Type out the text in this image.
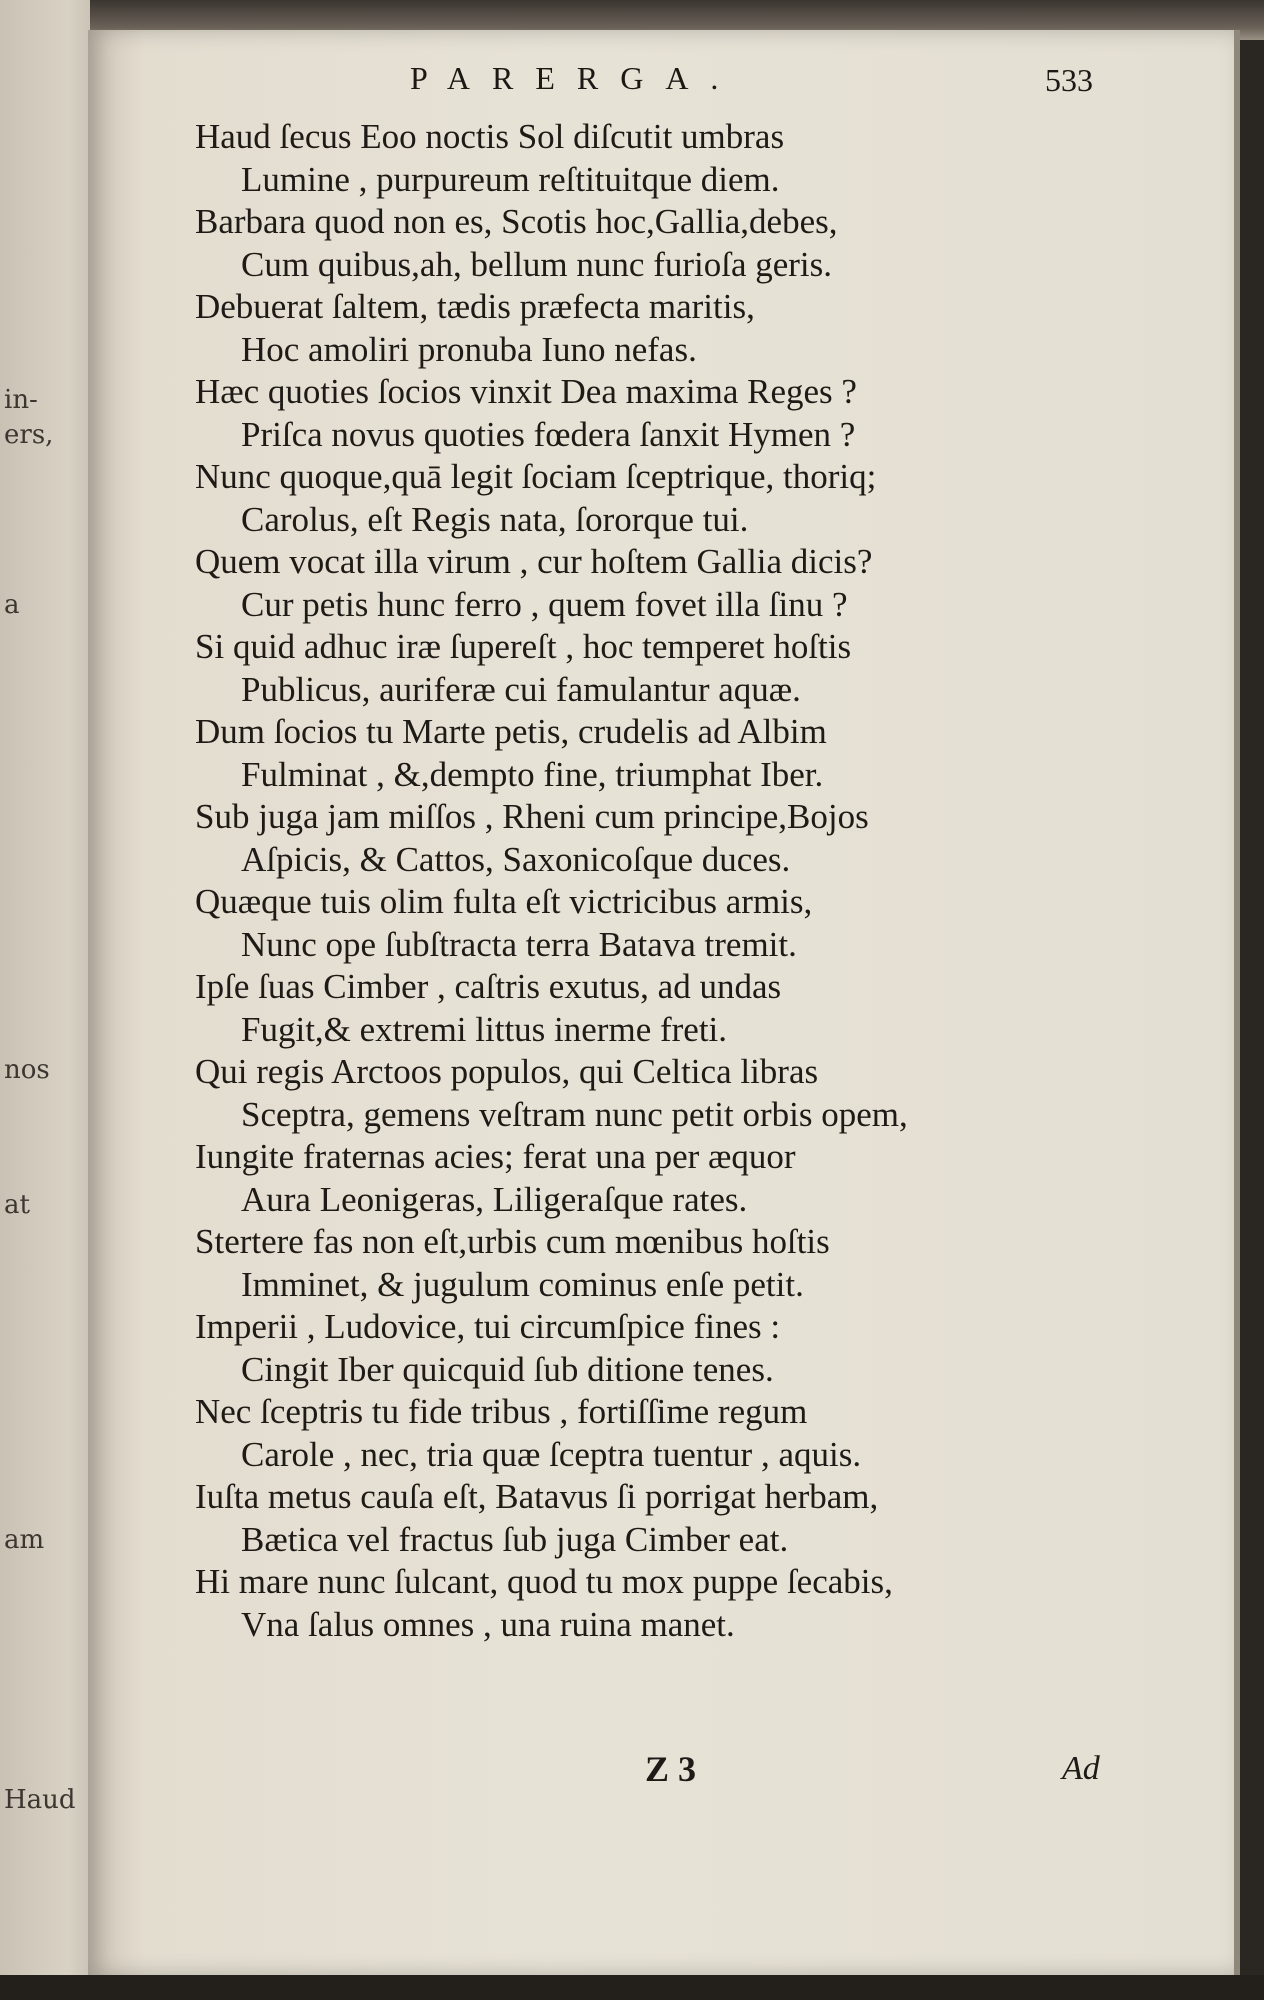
in-
ers,
a
nos
at
am
Haud
PARERGA.	533
Haud ſecus Eoo noctis Sol diſcutit umbras
Lumine , purpureum reſtituitque diem.
Barbara quod non es, Scotis hoc,Gallia,debes,
Cum quibus,ah, bellum nunc furioſa geris.
Debuerat ſaltem, tædis præfecta maritis,
Hoc amoliri pronuba Iuno nefas.
Hæc quoties ſocios vinxit Dea maxima Reges ?
Priſca novus quoties fœdera ſanxit Hymen ?
Nunc quoque,quā legit ſociam ſceptrique, thoriq;
Carolus, eſt Regis nata, ſororque tui.
Quem vocat illa virum , cur hoſtem Gallia dicis?
Cur petis hunc ferro , quem fovet illa ſinu ?
Si quid adhuc iræ ſupereſt , hoc temperet hoſtis
Publicus, auriferæ cui famulantur aquæ.
Dum ſocios tu Marte petis, crudelis ad Albim
Fulminat , &,dempto fine, triumphat Iber.
Sub juga jam miſſos , Rheni cum principe,Bojos
Aſpicis, & Cattos, Saxonicoſque duces.
Quæque tuis olim fulta eſt victricibus armis,
Nunc ope ſubſtracta terra Batava tremit.
Ipſe ſuas Cimber , caſtris exutus, ad undas
Fugit,& extremi littus inerme freti.
Qui regis Arctoos populos, qui Celtica libras
Sceptra, gemens veſtram nunc petit orbis opem,
Iungite fraternas acies; ferat una per æquor
Aura Leonigeras, Liligeraſque rates.
Stertere fas non eſt,urbis cum mœnibus hoſtis
Imminet, & jugulum cominus enſe petit.
Imperii , Ludovice, tui circumſpice fines :
Cingit Iber quicquid ſub ditione tenes.
Nec ſceptris tu fide tribus , fortiſſime regum
Carole , nec, tria quæ ſceptra tuentur , aquis.
Iuſta metus cauſa eſt, Batavus ſi porrigat herbam,
Bætica vel fractus ſub juga Cimber eat.
Hi mare nunc ſulcant, quod tu mox puppe ſecabis,
Vna ſalus omnes , una ruina manet.
Z 3	Ad
